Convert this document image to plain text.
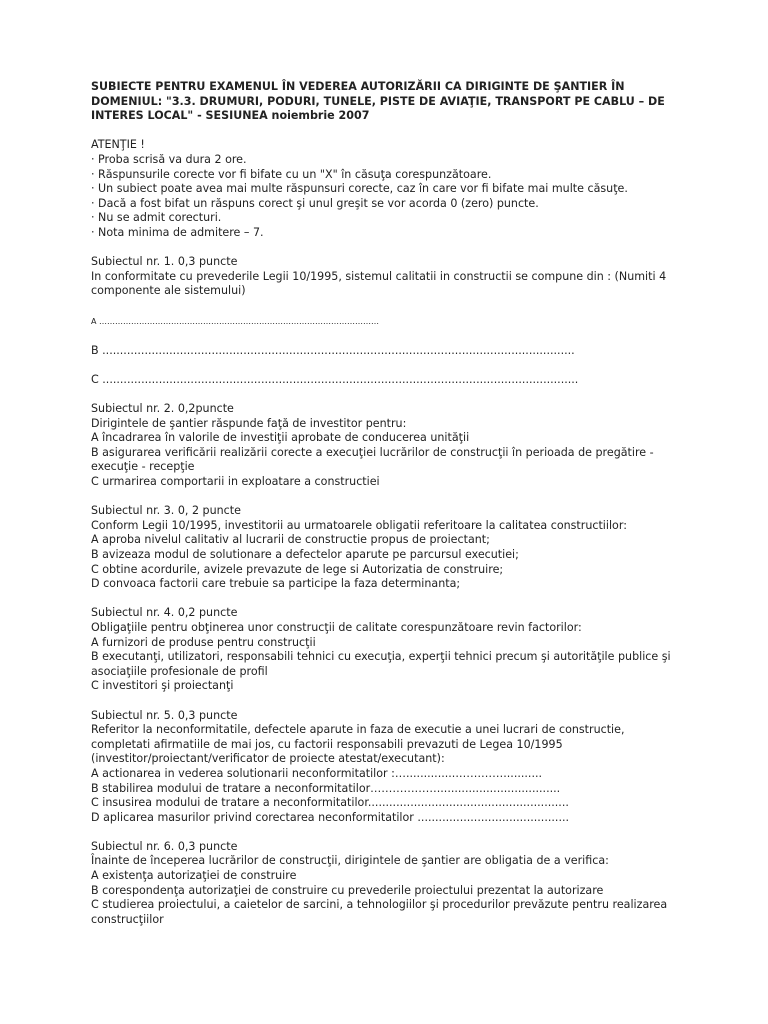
SUBIECTE PENTRU EXAMENUL ÎN VEDEREA AUTORIZĂRII CA DIRIGINTE DE ŞANTIER ÎN
DOMENIUL: "3.3. DRUMURI, PODURI, TUNELE, PISTE DE AVIAŢIE, TRANSPORT PE CABLU – DE
INTERES LOCAL" - SESIUNEA noiembrie 2007
ATENŢIE !
· Proba scrisă va dura 2 ore.
· Răspunsurile corecte vor fi bifate cu un "X" în căsuţa corespunzătoare.
· Un subiect poate avea mai multe răspunsuri corecte, caz în care vor fi bifate mai multe căsuţe.
· Dacă a fost bifat un răspuns corect şi unul greşit se vor acorda 0 (zero) puncte.
· Nu se admit corecturi.
· Nota minima de admitere – 7.
Subiectul nr. 1. 0,3 puncte
In conformitate cu prevederile Legii 10/1995, sistemul calitatii in constructii se compune din : (Numiti 4
componente ale sistemului)
A ……………………………………………………………………………………………
B ......................................................................................................................................
C .......................................................................................................................................
Subiectul nr. 2. 0,2puncte
Dirigintele de şantier răspunde faţă de investitor pentru:
A încadrarea în valorile de investiţii aprobate de conducerea unităţii
B asigurarea verificării realizării corecte a execuţiei lucrărilor de construcţii în perioada de pregătire -
execuţie - recepţie
C urmarirea comportarii in exploatare a constructiei
Subiectul nr. 3. 0, 2 puncte
Conform Legii 10/1995, investitorii au urmatoarele obligatii referitoare la calitatea constructiilor:
A aproba nivelul calitativ al lucrarii de constructie propus de proiectant;
B avizeaza modul de solutionare a defectelor aparute pe parcursul executiei;
C obtine acordurile, avizele prevazute de lege si Autorizatia de construire;
D convoaca factorii care trebuie sa participe la faza determinanta;
Subiectul nr. 4. 0,2 puncte
Obligaţiile pentru obţinerea unor construcţii de calitate corespunzătoare revin factorilor:
A furnizori de produse pentru construcţii
B executanţi, utilizatori, responsabili tehnici cu execuţia, experţii tehnici precum şi autorităţile publice şi
asociaţiile profesionale de profil
C investitori şi proiectanţi
Subiectul nr. 5. 0,3 puncte
Referitor la neconformitatile, defectele aparute in faza de executie a unei lucrari de constructie,
completati afirmatiile de mai jos, cu factorii responsabili prevazuti de Legea 10/1995
(investitor/proiectant/verificator de proiecte atestat/executant):
A actionarea in vederea solutionarii neconformitatilor :…...............…………...........
B stabilirea modului de tratare a neconformitatilor………………...................................
C insusirea modului de tratare a neconformitatilor.........................................................
D aplicarea masurilor privind corectarea neconformitatilor ...........................................
Subiectul nr. 6. 0,3 puncte
Înainte de începerea lucrărilor de construcţii, dirigintele de şantier are obligatia de a verifica:
A existenţa autorizaţiei de construire
B corespondenţa autorizaţiei de construire cu prevederile proiectului prezentat la autorizare
C studierea proiectului, a caietelor de sarcini, a tehnologiilor şi procedurilor prevăzute pentru realizarea
construcţiilor
